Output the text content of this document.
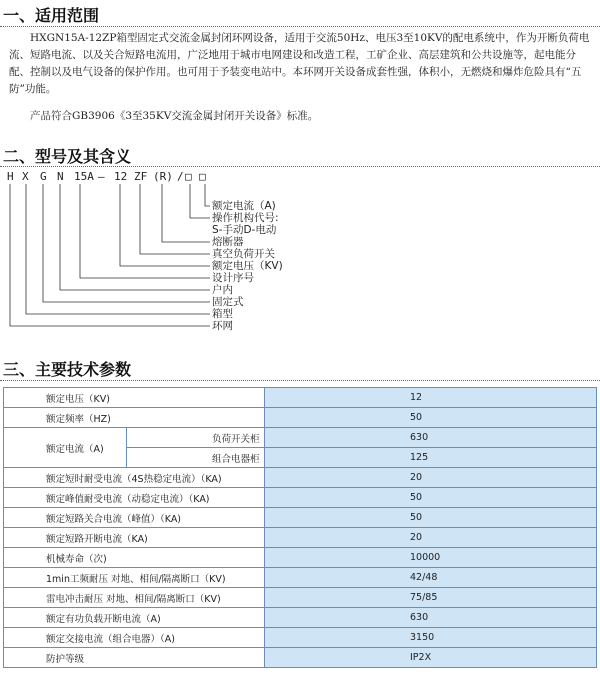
一、适用范围

HXGN15A-12ZP箱型固定式交流金属封闭环网设备，适用于交流50Hz、电压3至10KV的配电系统中，作为开断负荷电流、短路电流、以及关合短路电流用，广泛地用于城市电网建设和改造工程，工矿企业、高层建筑和公共设施等，起电能分配、控制以及电气设备的保护作用。也可用于予装变电站中。本环网开关设备成套性强，体积小，无燃烧和爆炸危险具有“五防”功能。

产品符合GB3906《3至35KV交流金属封闭开关设备》标准。
二、型号及其含义
H X G N 15A — 12 ZF (R) / □ □
额定电流（A)
操作机构代号:
S-手动D-电动
熔断器
真空负荷开关
额定电压（KV)
设计序号
户内
固定式
箱型
环网
三、主要技术参数
额定电压（KV)		12
额定频率（HZ)		50
额定电流（A)	负荷开关柜	630
	组合电器柜	125
额定短时耐受电流（4S热稳定电流）（KA)		20
额定峰值耐受电流（动稳定电流）（KA)		50
额定短路关合电流（峰值）（KA)		50
额定短路开断电流（KA)		20
机械寿命（次)		10000
1min工频耐压 对地、相间/隔离断口（KV)		42/48
雷电冲击耐压 对地、相间/隔离断口（KV)		75/85
额定有功负载开断电流（A)		630
额定交接电流（组合电器）（A)		3150
防护等级		IP2X
